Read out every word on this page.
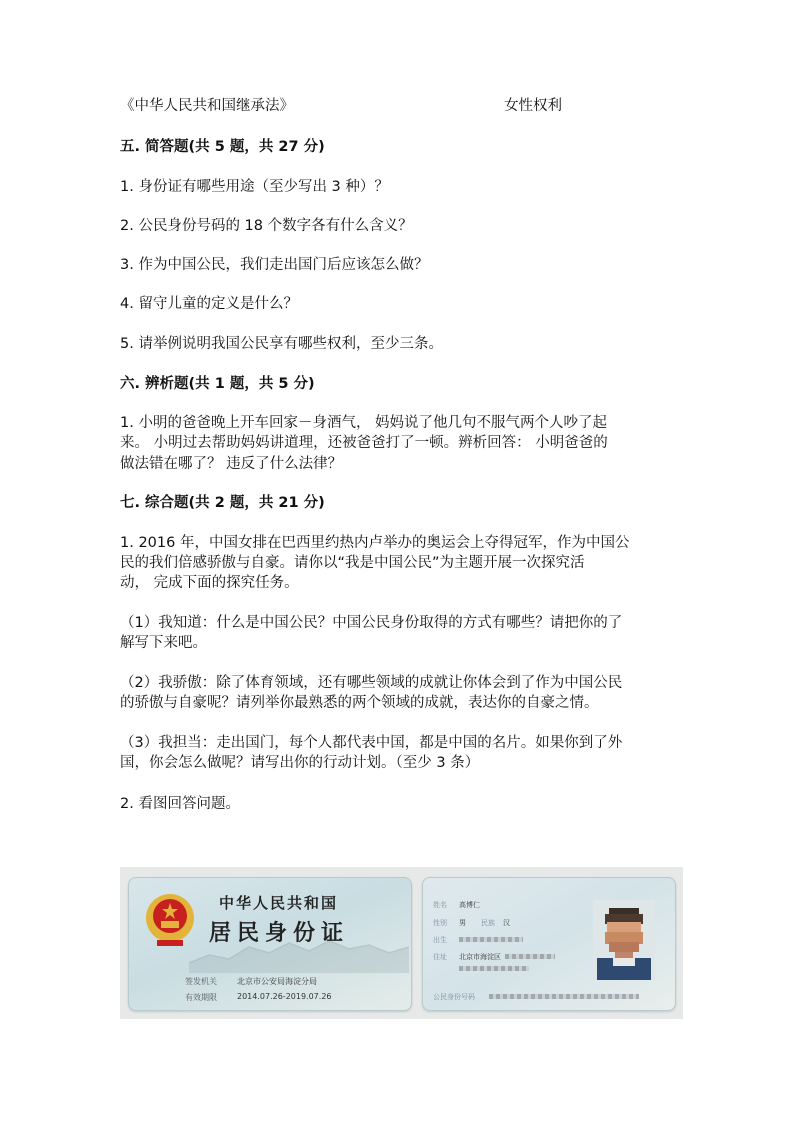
《中华人民共和国继承法》	女性权利
五. 简答题(共 5 题，共 27 分)
1. 身份证有哪些用途（至少写出 3 种）？
2. 公民身份号码的 18 个数字各有什么含义？
3. 作为中国公民，我们走出国门后应该怎么做？
4. 留守儿童的定义是什么？
5. 请举例说明我国公民享有哪些权利，至少三条。
六. 辨析题(共 1 题，共 5 分)
1. 小明的爸爸晚上开车回家－身酒气， 妈妈说了他几句不服气两个人吵了起
来。 小明过去帮助妈妈讲道理，还被爸爸打了一顿。辨析回答： 小明爸爸的
做法错在哪了？ 违反了什么法律？
七. 综合题(共 2 题，共 21 分)
1. 2016 年，中国女排在巴西里约热内卢举办的奥运会上夺得冠军，作为中国公
民的我们倍感骄傲与自豪。请你以“我是中国公民”为主题开展一次探究活
动， 完成下面的探究任务。
（1）我知道：什么是中国公民？中国公民身份取得的方式有哪些？请把你的了
解写下来吧。
（2）我骄傲：除了体育领域，还有哪些领域的成就让你体会到了作为中国公民
的骄傲与自豪呢？请列举你最熟悉的两个领域的成就，表达你的自豪之情。
（3）我担当：走出国门，每个人都代表中国，都是中国的名片。如果你到了外
国，你会怎么做呢？请写出你的行动计划。（至少 3 条）
2. 看图回答问题。
中华人民共和国
居民身份证
签发机关	北京市公安局海淀分局
有效期限	2014.07.26-2019.07.26
姓名 高博仁
性别 男 民族 汉
出生
住址 北京市海淀区
公民身份号码
